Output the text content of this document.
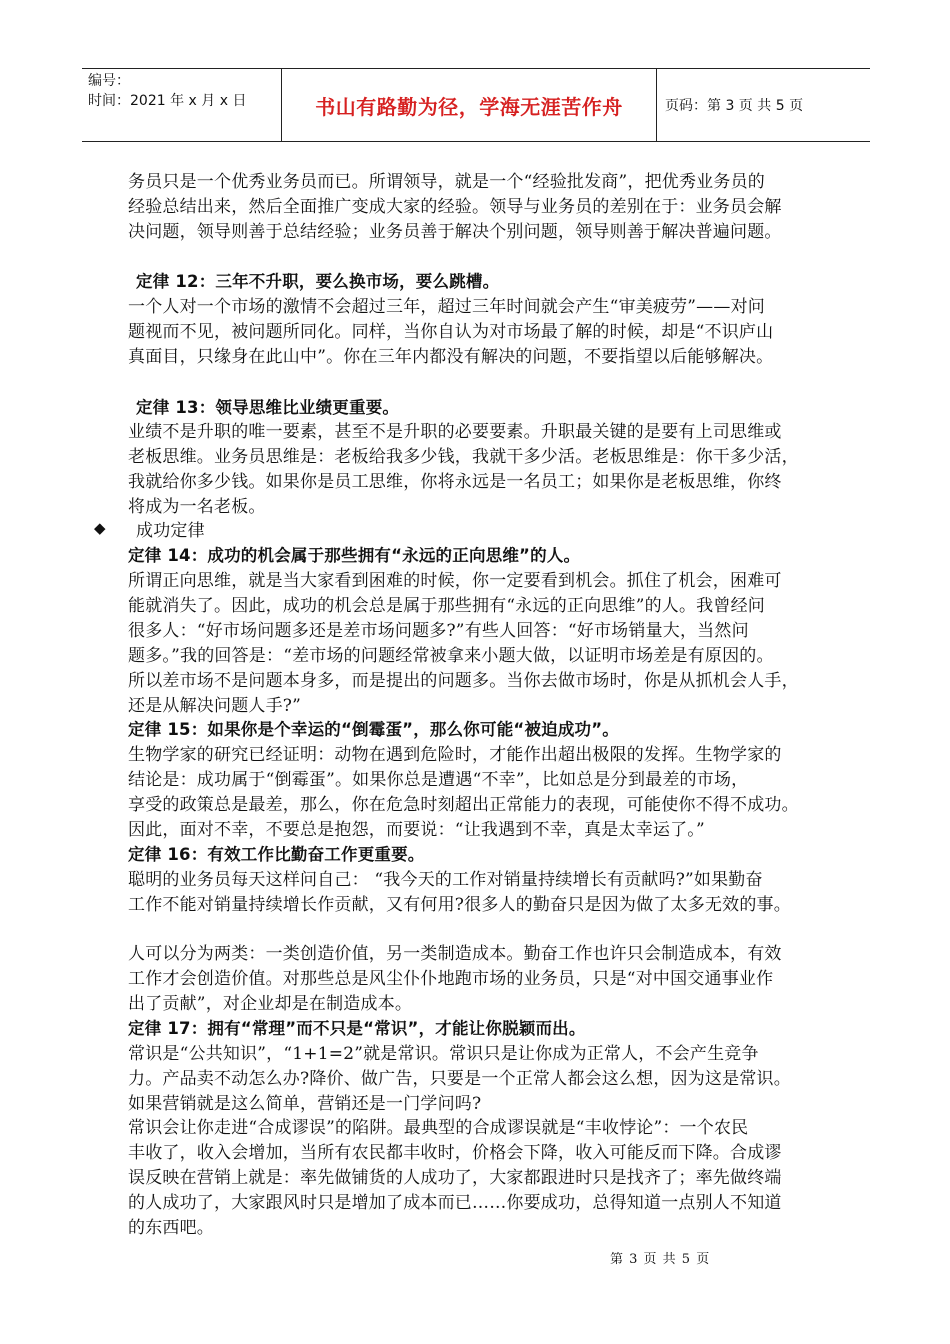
编号：
时间：2021 年 x 月 x 日	书山有路勤为径，学海无涯苦作舟	页码：第 3 页 共 5 页
务员只是一个优秀业务员而已。所谓领导，就是一个“经验批发商”，把优秀业务员的
经验总结出来，然后全面推广变成大家的经验。领导与业务员的差别在于：业务员会解
决问题，领导则善于总结经验；业务员善于解决个别问题，领导则善于解决普遍问题。
定律 12：三年不升职，要么换市场，要么跳槽。
一个人对一个市场的激情不会超过三年，超过三年时间就会产生“审美疲劳”——对问
题视而不见，被问题所同化。同样，当你自认为对市场最了解的时候，却是“不识庐山
真面目，只缘身在此山中”。你在三年内都没有解决的问题，不要指望以后能够解决。
定律 13：领导思维比业绩更重要。
业绩不是升职的唯一要素，甚至不是升职的必要要素。升职最关键的是要有上司思维或
老板思维。业务员思维是：老板给我多少钱，我就干多少活。老板思维是：你干多少活，
我就给你多少钱。如果你是员工思维，你将永远是一名员工；如果你是老板思维，你终
将成为一名老板。
◆ 成功定律
定律 14：成功的机会属于那些拥有“永远的正向思维”的人。
所谓正向思维，就是当大家看到困难的时候，你一定要看到机会。抓住了机会，困难可
能就消失了。因此，成功的机会总是属于那些拥有“永远的正向思维”的人。我曾经问
很多人：“好市场问题多还是差市场问题多?”有些人回答：“好市场销量大，当然问
题多。”我的回答是：“差市场的问题经常被拿来小题大做，以证明市场差是有原因的。
所以差市场不是问题本身多，而是提出的问题多。当你去做市场时，你是从抓机会人手，
还是从解决问题人手?”
定律 15：如果你是个幸运的“倒霉蛋”，那么你可能“被迫成功”。
生物学家的研究已经证明：动物在遇到危险时，才能作出超出极限的发挥。生物学家的
结论是：成功属于“倒霉蛋”。如果你总是遭遇“不幸”，比如总是分到最差的市场，
享受的政策总是最差，那么，你在危急时刻超出正常能力的表现，可能使你不得不成功。
因此，面对不幸，不要总是抱怨，而要说：“让我遇到不幸，真是太幸运了。”
定律 16：有效工作比勤奋工作更重要。
聪明的业务员每天这样问自己： “我今天的工作对销量持续增长有贡献吗?”如果勤奋
工作不能对销量持续增长作贡献，又有何用?很多人的勤奋只是因为做了太多无效的事。
人可以分为两类：一类创造价值，另一类制造成本。勤奋工作也许只会制造成本，有效
工作才会创造价值。对那些总是风尘仆仆地跑市场的业务员，只是“对中国交通事业作
出了贡献”，对企业却是在制造成本。
定律 17：拥有“常理”而不只是“常识”，才能让你脱颖而出。
常识是“公共知识”，“1+1=2”就是常识。常识只是让你成为正常人，不会产生竞争
力。产品卖不动怎么办?降价、做广告，只要是一个正常人都会这么想，因为这是常识。
如果营销就是这么简单，营销还是一门学问吗?
常识会让你走进“合成谬误”的陷阱。最典型的合成谬误就是“丰收悖论”：一个农民
丰收了，收入会增加，当所有农民都丰收时，价格会下降，收入可能反而下降。合成谬
误反映在营销上就是：率先做铺货的人成功了，大家都跟进时只是找齐了；率先做终端
的人成功了，大家跟风时只是增加了成本而已……你要成功，总得知道一点别人不知道
的东西吧。
第 3 页 共 5 页
